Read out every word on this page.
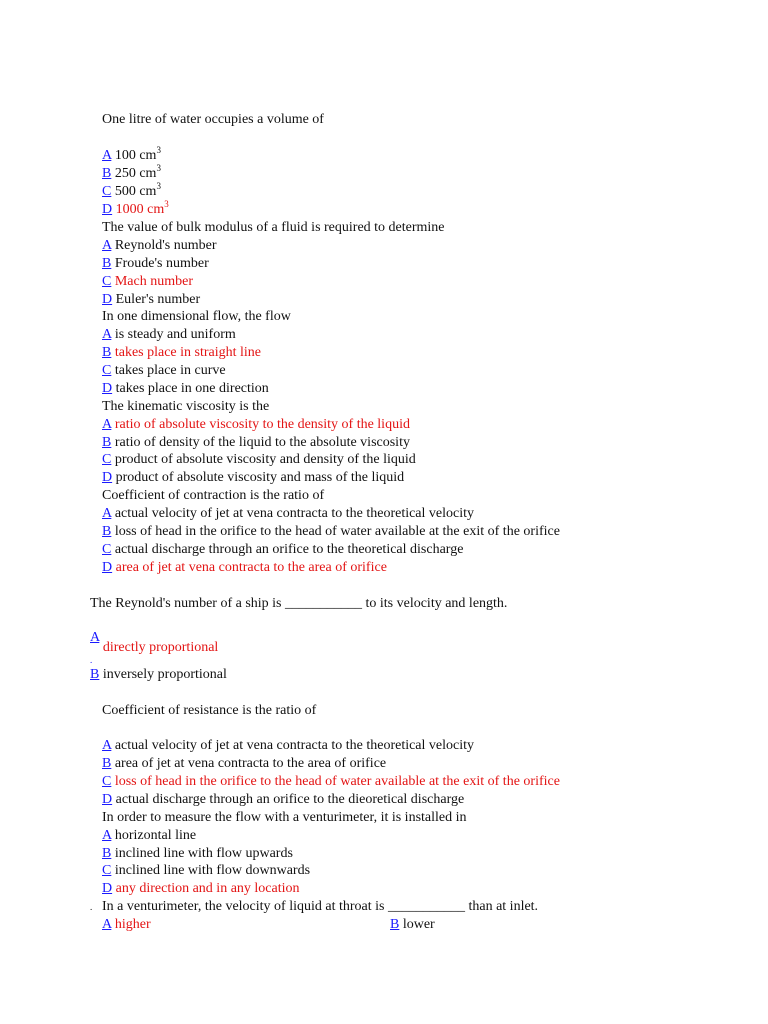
One litre of water occupies a volume of
A 100 $cm^3$
B 250 $cm^3$
C 500 $cm^3$
D 1000 $cm^3$
The value of bulk modulus of a fluid is required to determine
A Reynold's number
B Froude's number
C Mach number
D Euler's number
In one dimensional flow, the flow
A is steady and uniform
B takes place in straight line
C takes place in curve
D takes place in one direction
The kinematic viscosity is the
A ratio of absolute viscosity to the density of the liquid
B ratio of density of the liquid to the absolute viscosity
C product of absolute viscosity and density of the liquid
D product of absolute viscosity and mass of the liquid
Coefficient of contraction is the ratio of
A actual velocity of jet at vena contracta to the theoretical velocity
B loss of head in the orifice to the head of water available at the exit of the orifice
C actual discharge through an orifice to the theoretical discharge
D area of jet at vena contracta to the area of orifice
The Reynold's number of a ship is ___________ to its velocity and length.
A directly proportional
B inversely proportional
Coefficient of resistance is the ratio of
A actual velocity of jet at vena contracta to the theoretical velocity
B area of jet at vena contracta to the area of orifice
C loss of head in the orifice to the head of water available at the exit of the orifice
D actual discharge through an orifice to the dieoretical discharge
In order to measure the flow with a venturimeter, it is installed in
A horizontal line
B inclined line with flow upwards
C inclined line with flow downwards
D any direction and in any location
In a venturimeter, the velocity of liquid at throat is ___________ than at inlet.
A higher	B lower
.
.
